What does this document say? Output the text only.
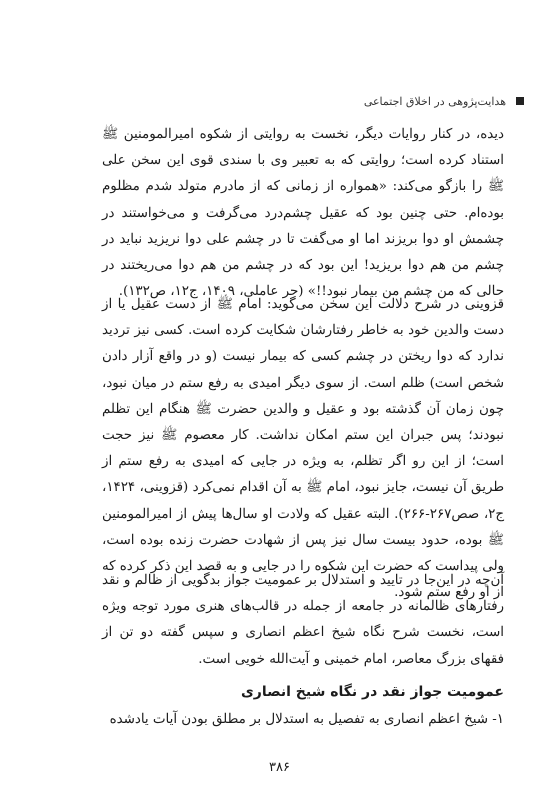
هدایت‌پژوهی در اخلاق اجتماعی

دیده، در کنار روایات دیگر، نخست به روایتی از شکوه امیرالمومنین ﷺ استناد کرده است؛ روایتی که به تعبیر وی با سندی قوی این سخن علی ﷺ را بازگو می‌کند: «همواره از زمانی که از مادرم متولد شدم مظلوم بوده‌ام. حتی چنین بود که عقیل چشم‌درد می‌گرفت و می‌خواستند در چشمش او دوا بریزند اما او می‌گفت تا در چشم علی دوا نریزید نباید در چشم من هم دوا بریزید! این بود که در چشم من هم دوا می‌ریختند در حالی که من چشم من بیمار نبود!!» (حر عاملی، ۱۴۰۹، ج۱۲، ص۱۳۲).

قزوینی در شرح دلالت این سخن می‌گوید: امام ﷺ از دست عقیل یا از دست والدین خود به خاطر رفتارشان شکایت کرده است. کسی نیز تردید ندارد که دوا ریختن در چشم کسی که بیمار نیست (و در واقع آزار دادن شخص است) ظلم است. از سوی دیگر امیدی به رفع ستم در میان نبود، چون زمان آن گذشته بود و عقیل و والدین حضرت ﷺ هنگام این تظلم نبودند؛ پس جبران این ستم امکان نداشت. کار معصوم ﷺ نیز حجت است؛ از این رو اگر تظلم، به ویژه در جایی که امیدی به رفع ستم از طریق آن نیست، جایز نبود، امام ﷺ به آن اقدام نمی‌کرد (قزوینی، ۱۴۲۴، ج۲، صص۲۶۷-۲۶۶). البته عقیل که ولادت او سال‌ها پیش از امیرالمومنین ﷺ بوده، حدود بیست سال نیز پس از شهادت حضرت زنده بوده است، ولی پیداست که حضرت این شکوه را در جایی و به قصد این ذکر کرده که از او رفع ستم شود.

آن‌چه در این‌جا در تایید و استدلال بر عمومیت جواز بدگویی از ظالم و نقد رفتارهای ظالمانه در جامعه از جمله در قالب‌های هنری مورد توجه ویژه است، نخست شرح نگاه شیخ اعظم انصاری و سپس گفته دو تن از فقهای بزرگ معاصر، امام خمینی و آیت‌الله خویی است.

عمومیت جواز نقد در نگاه شیخ انصاری

۱- شیخ اعظم انصاری به تفصیل به استدلال بر مطلق بودن آیات یادشده

۳۸۶
